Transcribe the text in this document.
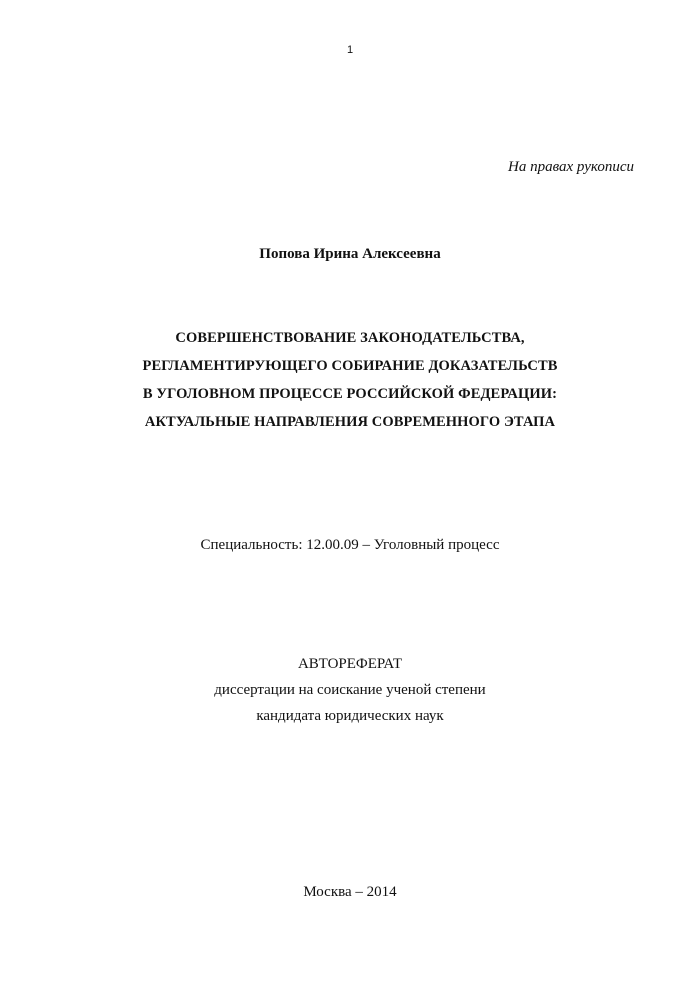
1
На правах рукописи
Попова Ирина Алексеевна
СОВЕРШЕНСТВОВАНИЕ ЗАКОНОДАТЕЛЬСТВА,
РЕГЛАМЕНТИРУЮЩЕГО СОБИРАНИЕ ДОКАЗАТЕЛЬСТВ
В УГОЛОВНОМ ПРОЦЕССЕ РОССИЙСКОЙ ФЕДЕРАЦИИ:
АКТУАЛЬНЫЕ НАПРАВЛЕНИЯ СОВРЕМЕННОГО ЭТАПА
Специальность: 12.00.09 – Уголовный процесс
АВТОРЕФЕРАТ
диссертации на соискание ученой степени
кандидата юридических наук
Москва – 2014
